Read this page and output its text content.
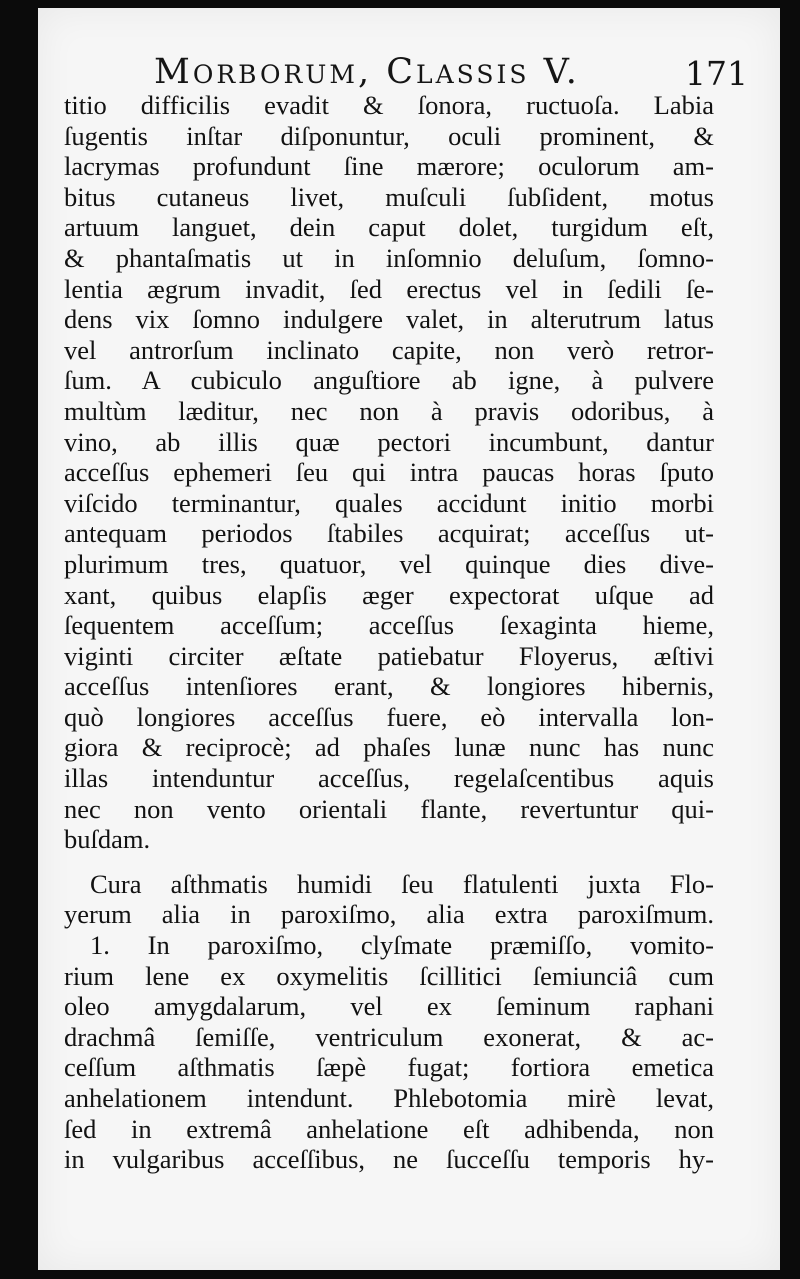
Morborum, Classis V.	171
titio difficilis evadit & ſonora, ructuoſa. Labia
ſugentis inſtar diſponuntur, oculi prominent, &
lacrymas profundunt ſine mærore; oculorum am-
bitus cutaneus livet, muſculi ſubſident, motus
artuum languet, dein caput dolet, turgidum eſt,
& phantaſmatis ut in inſomnio deluſum, ſomno-
lentia ægrum invadit, ſed erectus vel in ſedili ſe-
dens vix ſomno indulgere valet, in alterutrum latus
vel antrorſum inclinato capite, non verò retror-
ſum. A cubiculo anguſtiore ab igne, à pulvere
multùm læditur, nec non à pravis odoribus, à
vino, ab illis quæ pectori incumbunt, dantur
acceſſus ephemeri ſeu qui intra paucas horas ſputo
viſcido terminantur, quales accidunt initio morbi
antequam periodos ſtabiles acquirat; acceſſus ut-
plurimum tres, quatuor, vel quinque dies dive-
xant, quibus elapſis æger expectorat uſque ad
ſequentem acceſſum; acceſſus ſexaginta hieme,
viginti circiter æſtate patiebatur Floyerus, æſtivi
acceſſus intenſiores erant, & longiores hibernis,
quò longiores acceſſus fuere, eò intervalla lon-
giora & reciprocè; ad phaſes lunæ nunc has nunc
illas intenduntur acceſſus, regelaſcentibus aquis
nec non vento orientali flante, revertuntur qui-
buſdam.
Cura aſthmatis humidi ſeu flatulenti juxta Flo-
yerum alia in paroxiſmo, alia extra paroxiſmum.
1. In paroxiſmo, clyſmate præmiſſo, vomito-
rium lene ex oxymelitis ſcillitici ſemiunciâ cum
oleo amygdalarum, vel ex ſeminum raphani
drachmâ ſemiſſe, ventriculum exonerat, & ac-
ceſſum aſthmatis ſæpè fugat; fortiora emetica
anhelationem intendunt. Phlebotomia mirè levat,
ſed in extremâ anhelatione eſt adhibenda, non
in vulgaribus acceſſibus, ne ſucceſſu temporis hy-
